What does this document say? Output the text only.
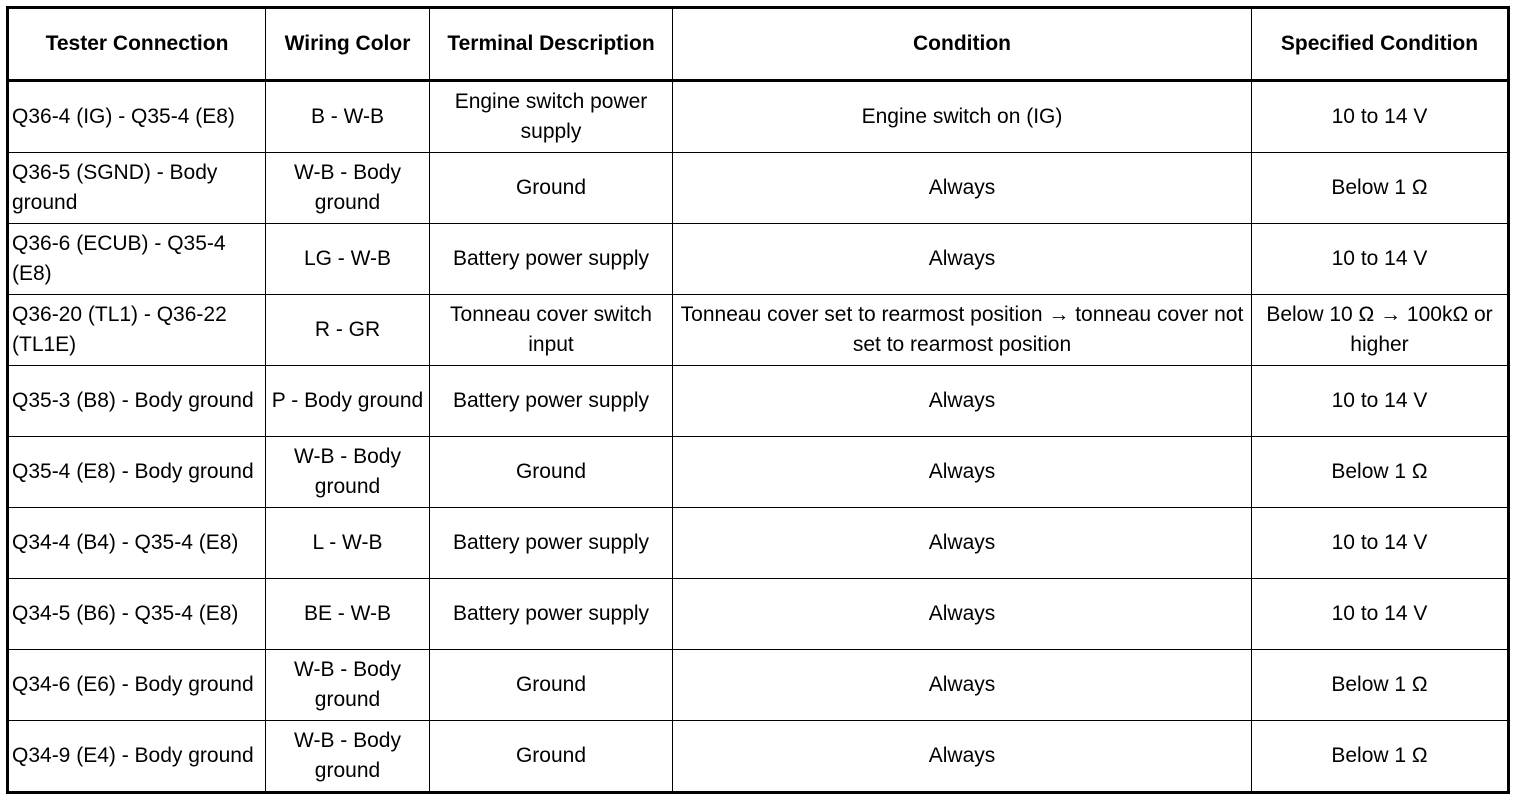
Tester Connection	Wiring Color	Terminal Description	Condition	Specified Condition
Q36-4 (IG) - Q35-4 (E8)	B - W-B	Engine switch power supply	Engine switch on (IG)	10 to 14 V
Q36-5 (SGND) - Body ground	W-B - Body ground	Ground	Always	Below 1 Ω
Q36-6 (ECUB) - Q35-4 (E8)	LG - W-B	Battery power supply	Always	10 to 14 V
Q36-20 (TL1) - Q36-22 (TL1E)	R - GR	Tonneau cover switch input	Tonneau cover set to rearmost position → tonneau cover not set to rearmost position	Below 10 Ω → 100kΩ or higher
Q35-3 (B8) - Body ground	P - Body ground	Battery power supply	Always	10 to 14 V
Q35-4 (E8) - Body ground	W-B - Body ground	Ground	Always	Below 1 Ω
Q34-4 (B4) - Q35-4 (E8)	L - W-B	Battery power supply	Always	10 to 14 V
Q34-5 (B6) - Q35-4 (E8)	BE - W-B	Battery power supply	Always	10 to 14 V
Q34-6 (E6) - Body ground	W-B - Body ground	Ground	Always	Below 1 Ω
Q34-9 (E4) - Body ground	W-B - Body ground	Ground	Always	Below 1 Ω
